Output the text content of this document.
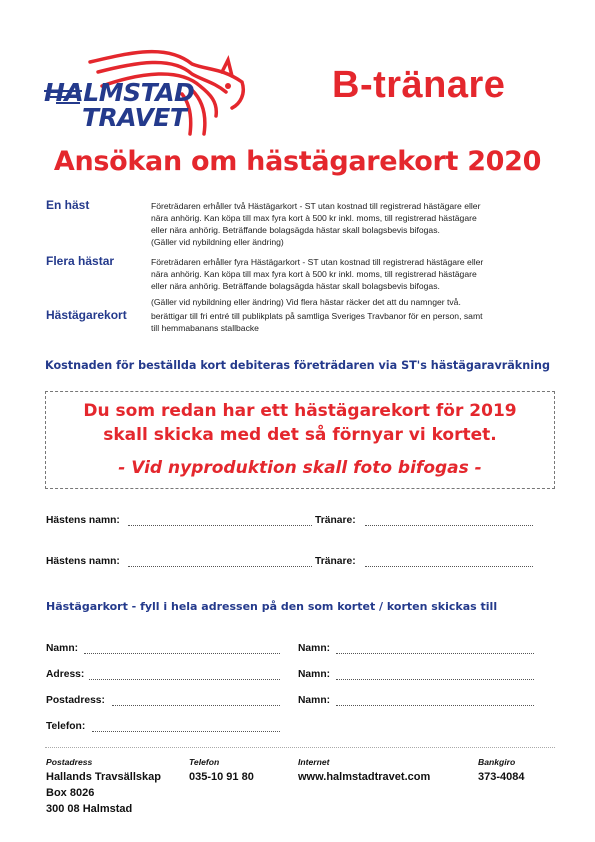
HALMSTAD
TRAVET
B-tränare
Ansökan om hästägarekort 2020
En häst	Företrädaren erhåller två Hästägarkort - ST utan kostnad till registrerad hästägare eller
nära anhörig. Kan köpa till max fyra kort à 500 kr inkl. moms, till registrerad hästägare
eller nära anhörig. Beträffande bolagsägda hästar skall bolagsbevis bifogas.
(Gäller vid nybildning eller ändring)
Flera hästar	Företrädaren erhåller fyra Hästägarkort - ST utan kostnad till registrerad hästägare eller
nära anhörig. Kan köpa till max fyra kort à 500 kr inkl. moms, till registrerad hästägare
eller nära anhörig. Beträffande bolagsägda hästar skall bolagsbevis bifogas.
(Gäller vid nybildning eller ändring) Vid flera hästar räcker det att du namnger två.
Hästägarekort	berättigar till fri entré till publikplats på samtliga Sveriges Travbanor för en person, samt
till hemmabanans stallbacke
Kostnaden för beställda kort debiteras företrädaren via ST's hästägaravräkning
Du som redan har ett hästägarekort för 2019
skall skicka med det så förnyar vi kortet.
- Vid nyproduktion skall foto bifogas -
Hästens namn:	Tränare:
Hästens namn:	Tränare:
Hästägarkort - fyll i hela adressen på den som kortet / korten skickas till
Namn:
Adress:
Postadress:
Telefon:
Namn:
Namn:
Namn:
Postadress
Hallands Travsällskap
Box 8026
300 08 Halmstad
Telefon
035-10 91 80
Internet
www.halmstadtravet.com
Bankgiro
373-4084
